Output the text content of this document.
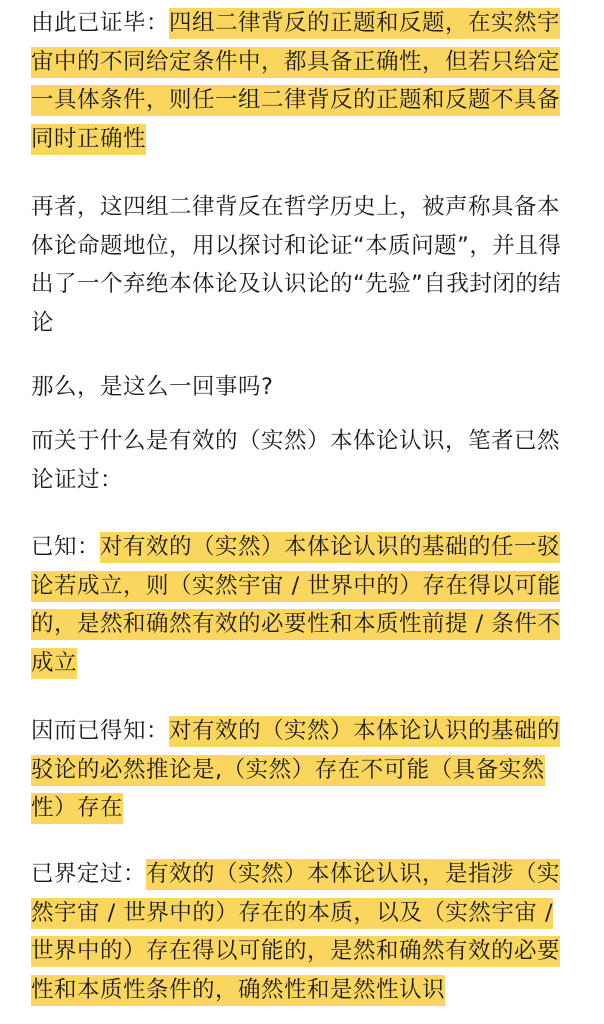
由此已证毕：四组二律背反的正题和反题，在实然宇宙中的不同给定条件中，都具备正确性，但若只给定一具体条件，则任一组二律背反的正题和反题不具备同时正确性

再者，这四组二律背反在哲学历史上，被声称具备本体论命题地位，用以探讨和论证“本质问题”，并且得出了一个弃绝本体论及认识论的“先验”自我封闭的结论

那么，是这么一回事吗?

而关于什么是有效的（实然）本体论认识，笔者已然论证过：

已知：对有效的（实然）本体论认识的基础的任一驳论若成立，则（实然宇宙 / 世界中的）存在得以可能的，是然和确然有效的必要性和本质性前提 / 条件不成立

因而已得知：对有效的（实然）本体论认识的基础的驳论的必然推论是,（实然）存在不可能（具备实然性）存在

已界定过：有效的（实然）本体论认识，是指涉（实然宇宙 / 世界中的）存在的本质，以及（实然宇宙 / 世界中的）存在得以可能的，是然和确然有效的必要性和本质性条件的，确然性和是然性认识
